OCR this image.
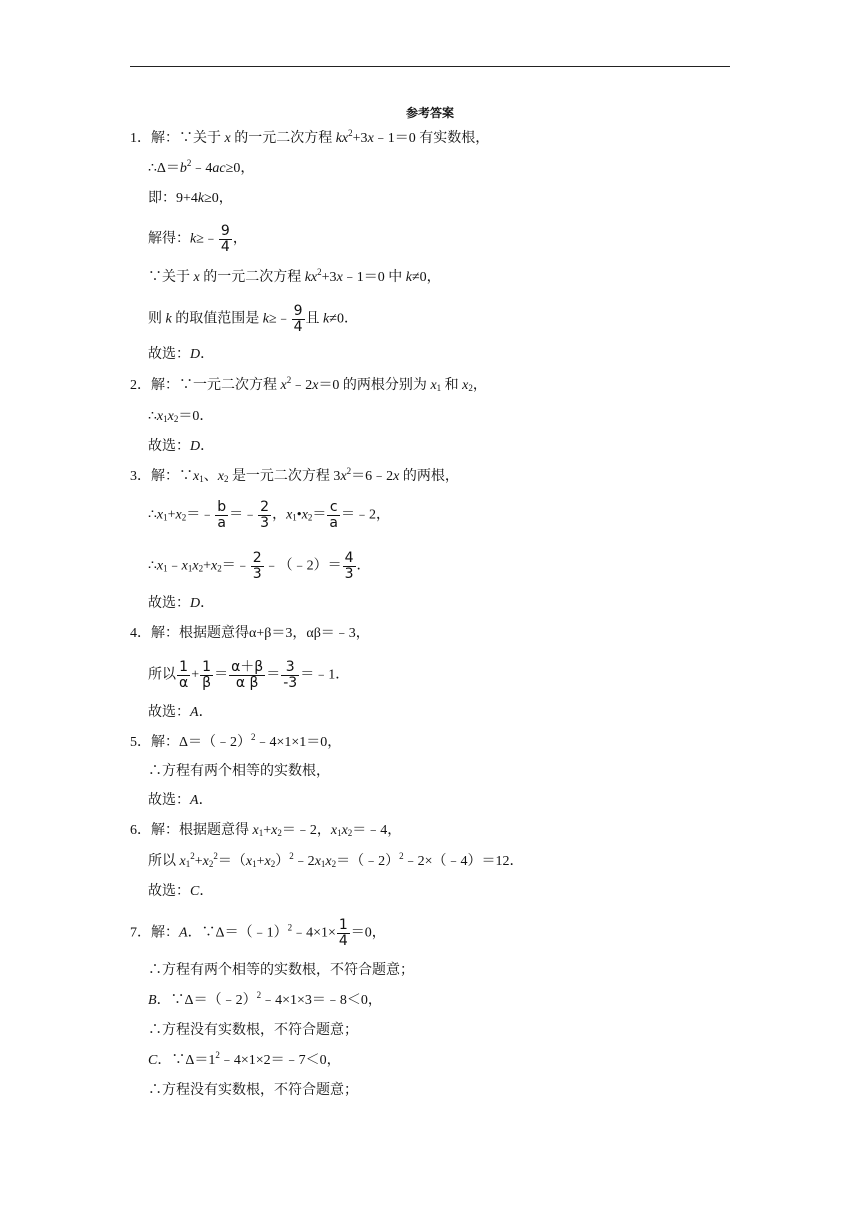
参考答案
1．解：∵关于 x 的一元二次方程 $kx^2+3x﹣1=0$ 有实数根，
$\therefore\Delta=b^2﹣4ac\ge 0$，
即：9+4k≥0，
解得：k≥﹣ $\frac{9}{4}$ ，
∵关于 x 的一元二次方程 $kx^2+3x﹣1=0$ 中 k≠0，
则 k 的取值范围是 k≥﹣ $\frac{9}{4}$ 且 k≠0．
故选：D．
2．解：∵一元二次方程 $x^2﹣2x=0$ 的两根分别为 $x_1$ 和 $x_2$，
$\therefore x_1x_2=0$．
故选：D．
3．解：$\because x_1$、$x_2$ 是一元二次方程 $3x^2=6﹣2x$ 的两根，
$\therefore x_1+x_2=﹣ \frac{b}{a}$ ＝﹣ $\frac{2}{3}$ ，$x_1•x_2= \frac{c}{a}$ ＝﹣2，
$\therefore x_1﹣x_1x_2+x_2=﹣ \frac{2}{3}$ ﹣（﹣2）＝ $\frac{4}{3}$ ．
故选：D．
4．解：根据题意得α+β＝3，αβ＝﹣3，
所以 $\frac{1}{\alpha} + \frac{1}{\beta} = \frac{\alpha+\beta}{\text{α β}} = \frac{3}{-3}$ ＝﹣1．
故选：A．
5．解：Δ＝（﹣2）$^2$﹣4×1×1＝0，
∴方程有两个相等的实数根，
故选：A．
6．解：根据题意得 $x_1+x_2=﹣2$，$x_1x_2=﹣4$，
所以 $x_1^2+x_2^2=(x_1+x_2)^2﹣2x_1x_2=(﹣2)^2﹣2\times(﹣4)=12$．
故选：C．
7．解：A．∵Δ＝（﹣1）$^2$﹣4×1× $\frac{1}{4} =0$，
∴方程有两个相等的实数根，不符合题意；
B．∵Δ＝（﹣2）$^2$﹣4×1×3＝﹣8＜0，
∴方程没有实数根，不符合题意；
C．$\because\Delta=1^2﹣4\times 1\times 2=﹣7<0$，
∴方程没有实数根，不符合题意；
